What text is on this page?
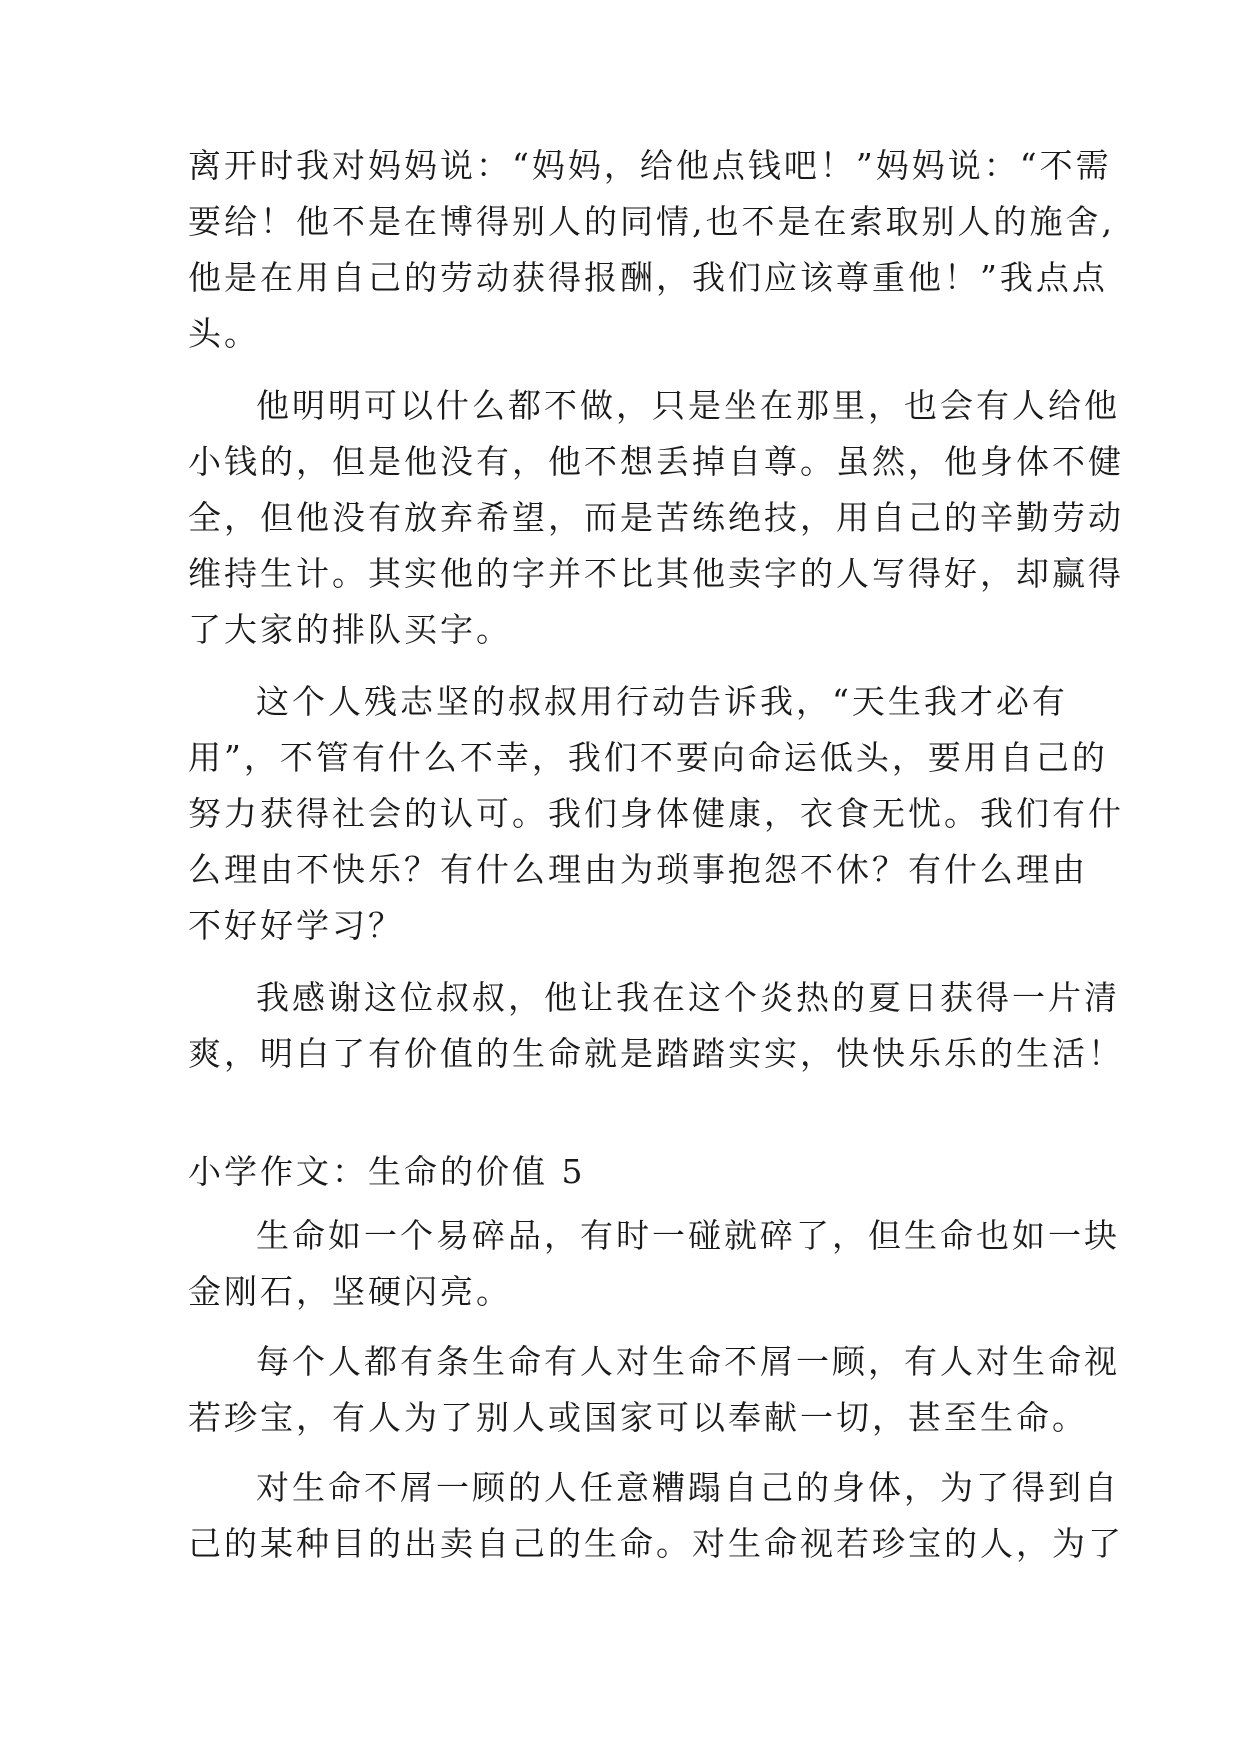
离开时我对妈妈说：“妈妈，给他点钱吧！”妈妈说：“不需
要给！他不是在博得别人的同情,也不是在索取别人的施舍,
他是在用自己的劳动获得报酬，我们应该尊重他！”我点点
头。
他明明可以什么都不做，只是坐在那里，也会有人给他
小钱的，但是他没有，他不想丢掉自尊。虽然，他身体不健
全，但他没有放弃希望，而是苦练绝技，用自己的辛勤劳动
维持生计。其实他的字并不比其他卖字的人写得好，却赢得
了大家的排队买字。
这个人残志坚的叔叔用行动告诉我，“天生我才必有
用”，不管有什么不幸，我们不要向命运低头，要用自己的
努力获得社会的认可。我们身体健康，衣食无忧。我们有什
么理由不快乐？有什么理由为琐事抱怨不休？有什么理由
不好好学习？
我感谢这位叔叔，他让我在这个炎热的夏日获得一片清
爽，明白了有价值的生命就是踏踏实实，快快乐乐的生活！
小学作文：生命的价值 5
生命如一个易碎品，有时一碰就碎了，但生命也如一块
金刚石，坚硬闪亮。
每个人都有条生命有人对生命不屑一顾，有人对生命视
若珍宝，有人为了别人或国家可以奉献一切，甚至生命。
对生命不屑一顾的人任意糟蹋自己的身体，为了得到自
己的某种目的出卖自己的生命。对生命视若珍宝的人，为了
